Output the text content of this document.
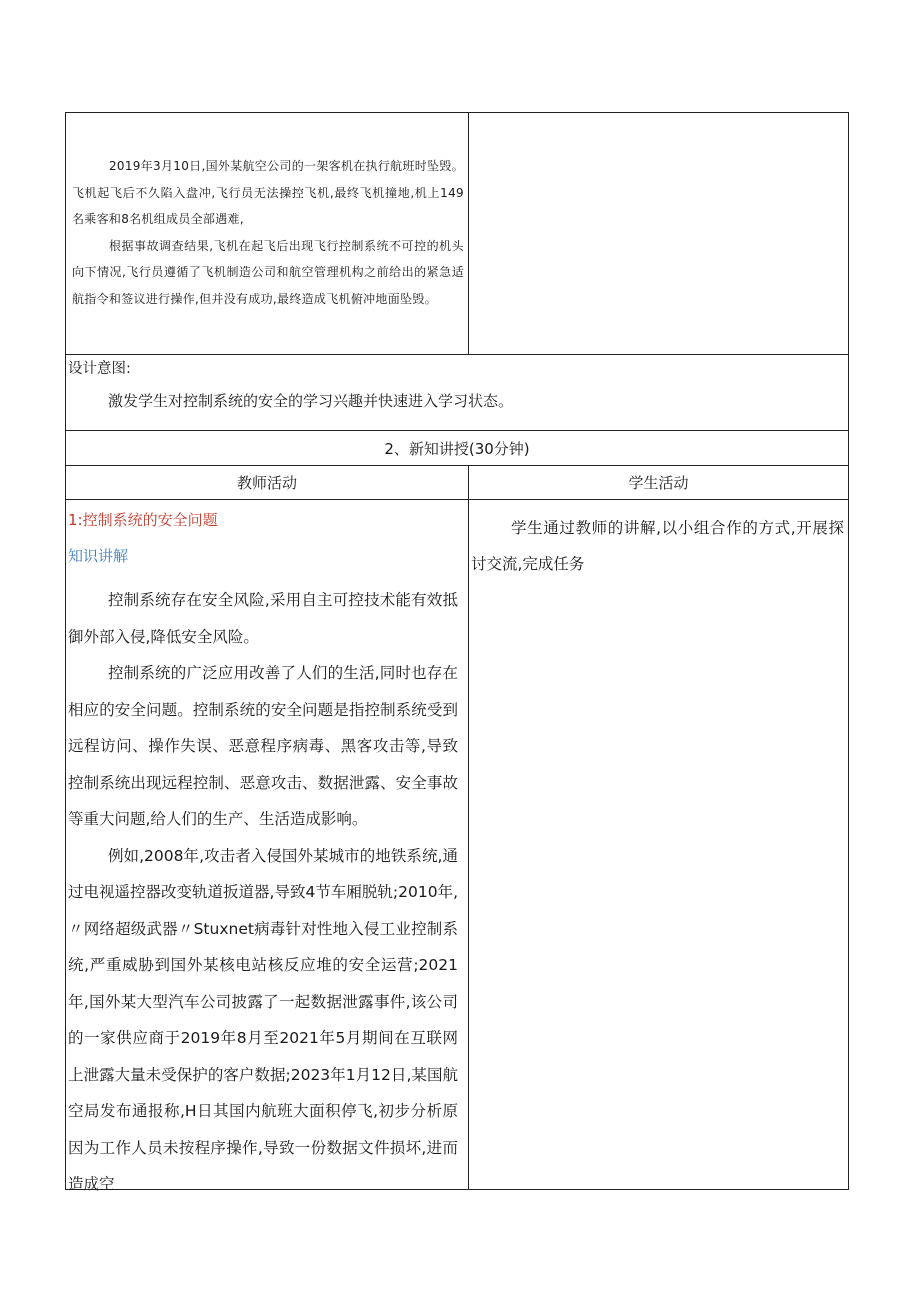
2019年3月10日,国外某航空公司的一架客机在执行航班时坠毁。飞机起飞后不久陷入盘冲,飞行员无法操控飞机,最终飞机撞地,机上149名乘客和8名机组成员全部遇难,

根据事故调查结果,飞机在起飞后出现飞行控制系统不可控的机头向下情况,飞行员遵循了飞机制造公司和航空管理机构之前给出的紧急适航指令和签议进行操作,但并没有成功,最终造成飞机俯冲地面坠毁。

设计意图:

激发学生对控制系统的安全的学习兴趣并快速进入学习状态。

2、新知讲授(30分钟)
教师活动	学生活动

1:控制系统的安全问题

知识讲解

控制系统存在安全风险,采用自主可控技术能有效抵御外部入侵,降低安全风险。

控制系统的广泛应用改善了人们的生活,同时也存在相应的安全问题。控制系统的安全问题是指控制系统受到远程访问、操作失误、恶意程序病毒、黑客攻击等,导致控制系统出现远程控制、恶意攻击、数据泄露、安全事故等重大问题,给人们的生产、生活造成影响。

例如,2008年,攻击者入侵国外某城市的地铁系统,通过电视遥控器改变轨道扳道器,导致4节车厢脱轨;2010年,〃网络超级武器〃Stuxnet病毒针对性地入侵工业控制系统,严重威胁到国外某核电站核反应堆的安全运营;2021年,国外某大型汽车公司披露了一起数据泄露事件,该公司的一家供应商于2019年8月至2021年5月期间在互联网上泄露大量未受保护的客户数据;2023年1月12日,某国航空局发布通报称,H日其国内航班大面积停飞,初步分析原因为工作人员未按程序操作,导致一份数据文件损坏,进而造成空

学生通过教师的讲解,以小组合作的方式,开展探讨交流,完成任务
